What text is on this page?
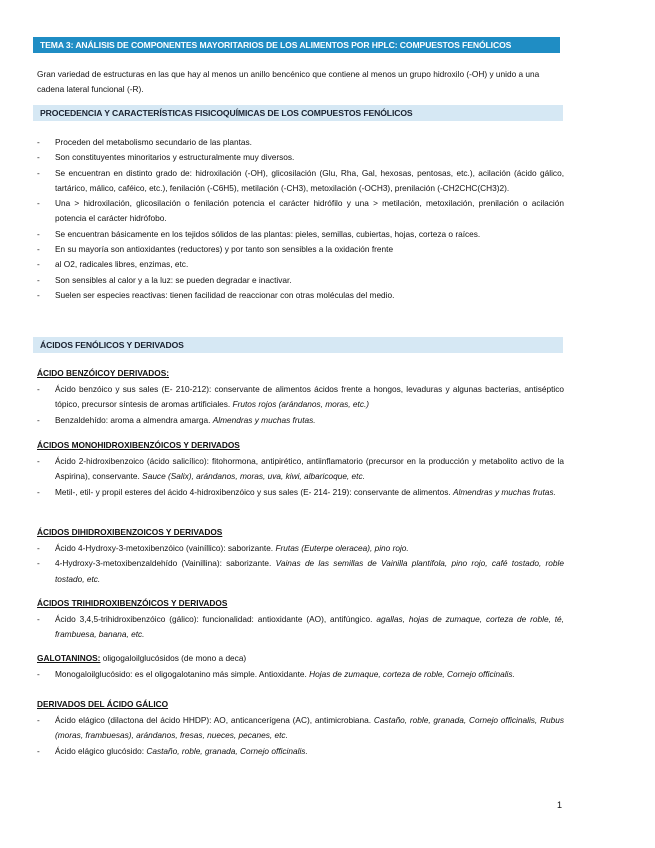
TEMA 3: ANÁLISIS DE COMPONENTES MAYORITARIOS DE LOS ALIMENTOS POR HPLC: COMPUESTOS FENÓLICOS
Gran variedad de estructuras en las que hay al menos un anillo bencénico que contiene al menos un grupo hidroxilo (-OH) y unido a una cadena lateral funcional (-R).
PROCEDENCIA Y CARACTERÍSTICAS FISICOQUÍMICAS DE LOS COMPUESTOS FENÓLICOS
- Proceden del metabolismo secundario de las plantas.
- Son constituyentes minoritarios y estructuralmente muy diversos.
- Se encuentran en distinto grado de: hidroxilación (-OH), glicosilación (Glu, Rha, Gal, hexosas, pentosas, etc.), acilación (ácido gálico, tartárico, málico, caféico, etc.), fenilación (-C6H5), metilación (-CH3), metoxilación (-OCH3), prenilación (-CH2CHC(CH3)2).
- Una > hidroxilación, glicosilación o fenilación potencia el carácter hidrófilo y una > metilación, metoxilación, prenilación o acilación potencia el carácter hidrófobo.
- Se encuentran básicamente en los tejidos sólidos de las plantas: pieles, semillas, cubiertas, hojas, corteza o raíces.
- En su mayoría son antioxidantes (reductores) y por tanto son sensibles a la oxidación frente
- al O2, radicales libres, enzimas, etc.
- Son sensibles al calor y a la luz: se pueden degradar e inactivar.
- Suelen ser especies reactivas: tienen facilidad de reaccionar con otras moléculas del medio.
ÁCIDOS FENÓLICOS Y DERIVADOS
ÁCIDO BENZÓICOY DERIVADOS:
- Ácido benzóico y sus sales (E- 210-212): conservante de alimentos ácidos frente a hongos, levaduras y algunas bacterias, antiséptico tópico, precursor síntesis de aromas artificiales. Frutos rojos (arándanos, moras, etc.)
- Benzaldehído: aroma a almendra amarga. Almendras y muchas frutas.
ÁCIDOS MONOHIDROXIBENZÓICOS Y DERIVADOS
- Ácido 2-hidroxibenzoico (ácido salicílico): fitohormona, antipirético, antiinflamatorio (precursor en la producción y metabolito activo de la Aspirina), conservante. Sauce (Salix), arándanos, moras, uva, kiwi, albaricoque, etc.
- Metil-, etil- y propil esteres del ácido 4-hidroxibenzóico y sus sales (E- 214- 219): conservante de alimentos. Almendras y muchas frutas.
ÁCIDOS DIHIDROXIBENZOICOS Y DERIVADOS
- Ácido 4-Hydroxy-3-metoxibenzóico (vainíllico): saborizante. Frutas (Euterpe oleracea), pino rojo.
- 4-Hydroxy-3-metoxibenzaldehído (Vainillina): saborizante. Vainas de las semillas de Vainilla plantifola, pino rojo, café tostado, roble tostado, etc.
ÁCIDOS TRIHIDROXIBENZÓICOS Y DERIVADOS
- Ácido 3,4,5-trihidroxibenzóico (gálico): funcionalidad: antioxidante (AO), antifúngico. agallas, hojas de zumaque, corteza de roble, té, frambuesa, banana, etc.
GALOTANINOS: oligogaloilglucósidos (de mono a deca)
- Monogaloilglucósido: es el oligogalotanino más simple. Antioxidante. Hojas de zumaque, corteza de roble, Cornejo officinalis.
DERIVADOS DEL ÁCIDO GÁLICO
- Ácido elágico (dilactona del ácido HHDP): AO, anticancerígena (AC), antimicrobiana. Castaño, roble, granada, Cornejo officinalis, Rubus (moras, frambuesas), arándanos, fresas, nueces, pecanes, etc.
- Ácido elágico glucósido: Castaño, roble, granada, Cornejo officinalis.
1
